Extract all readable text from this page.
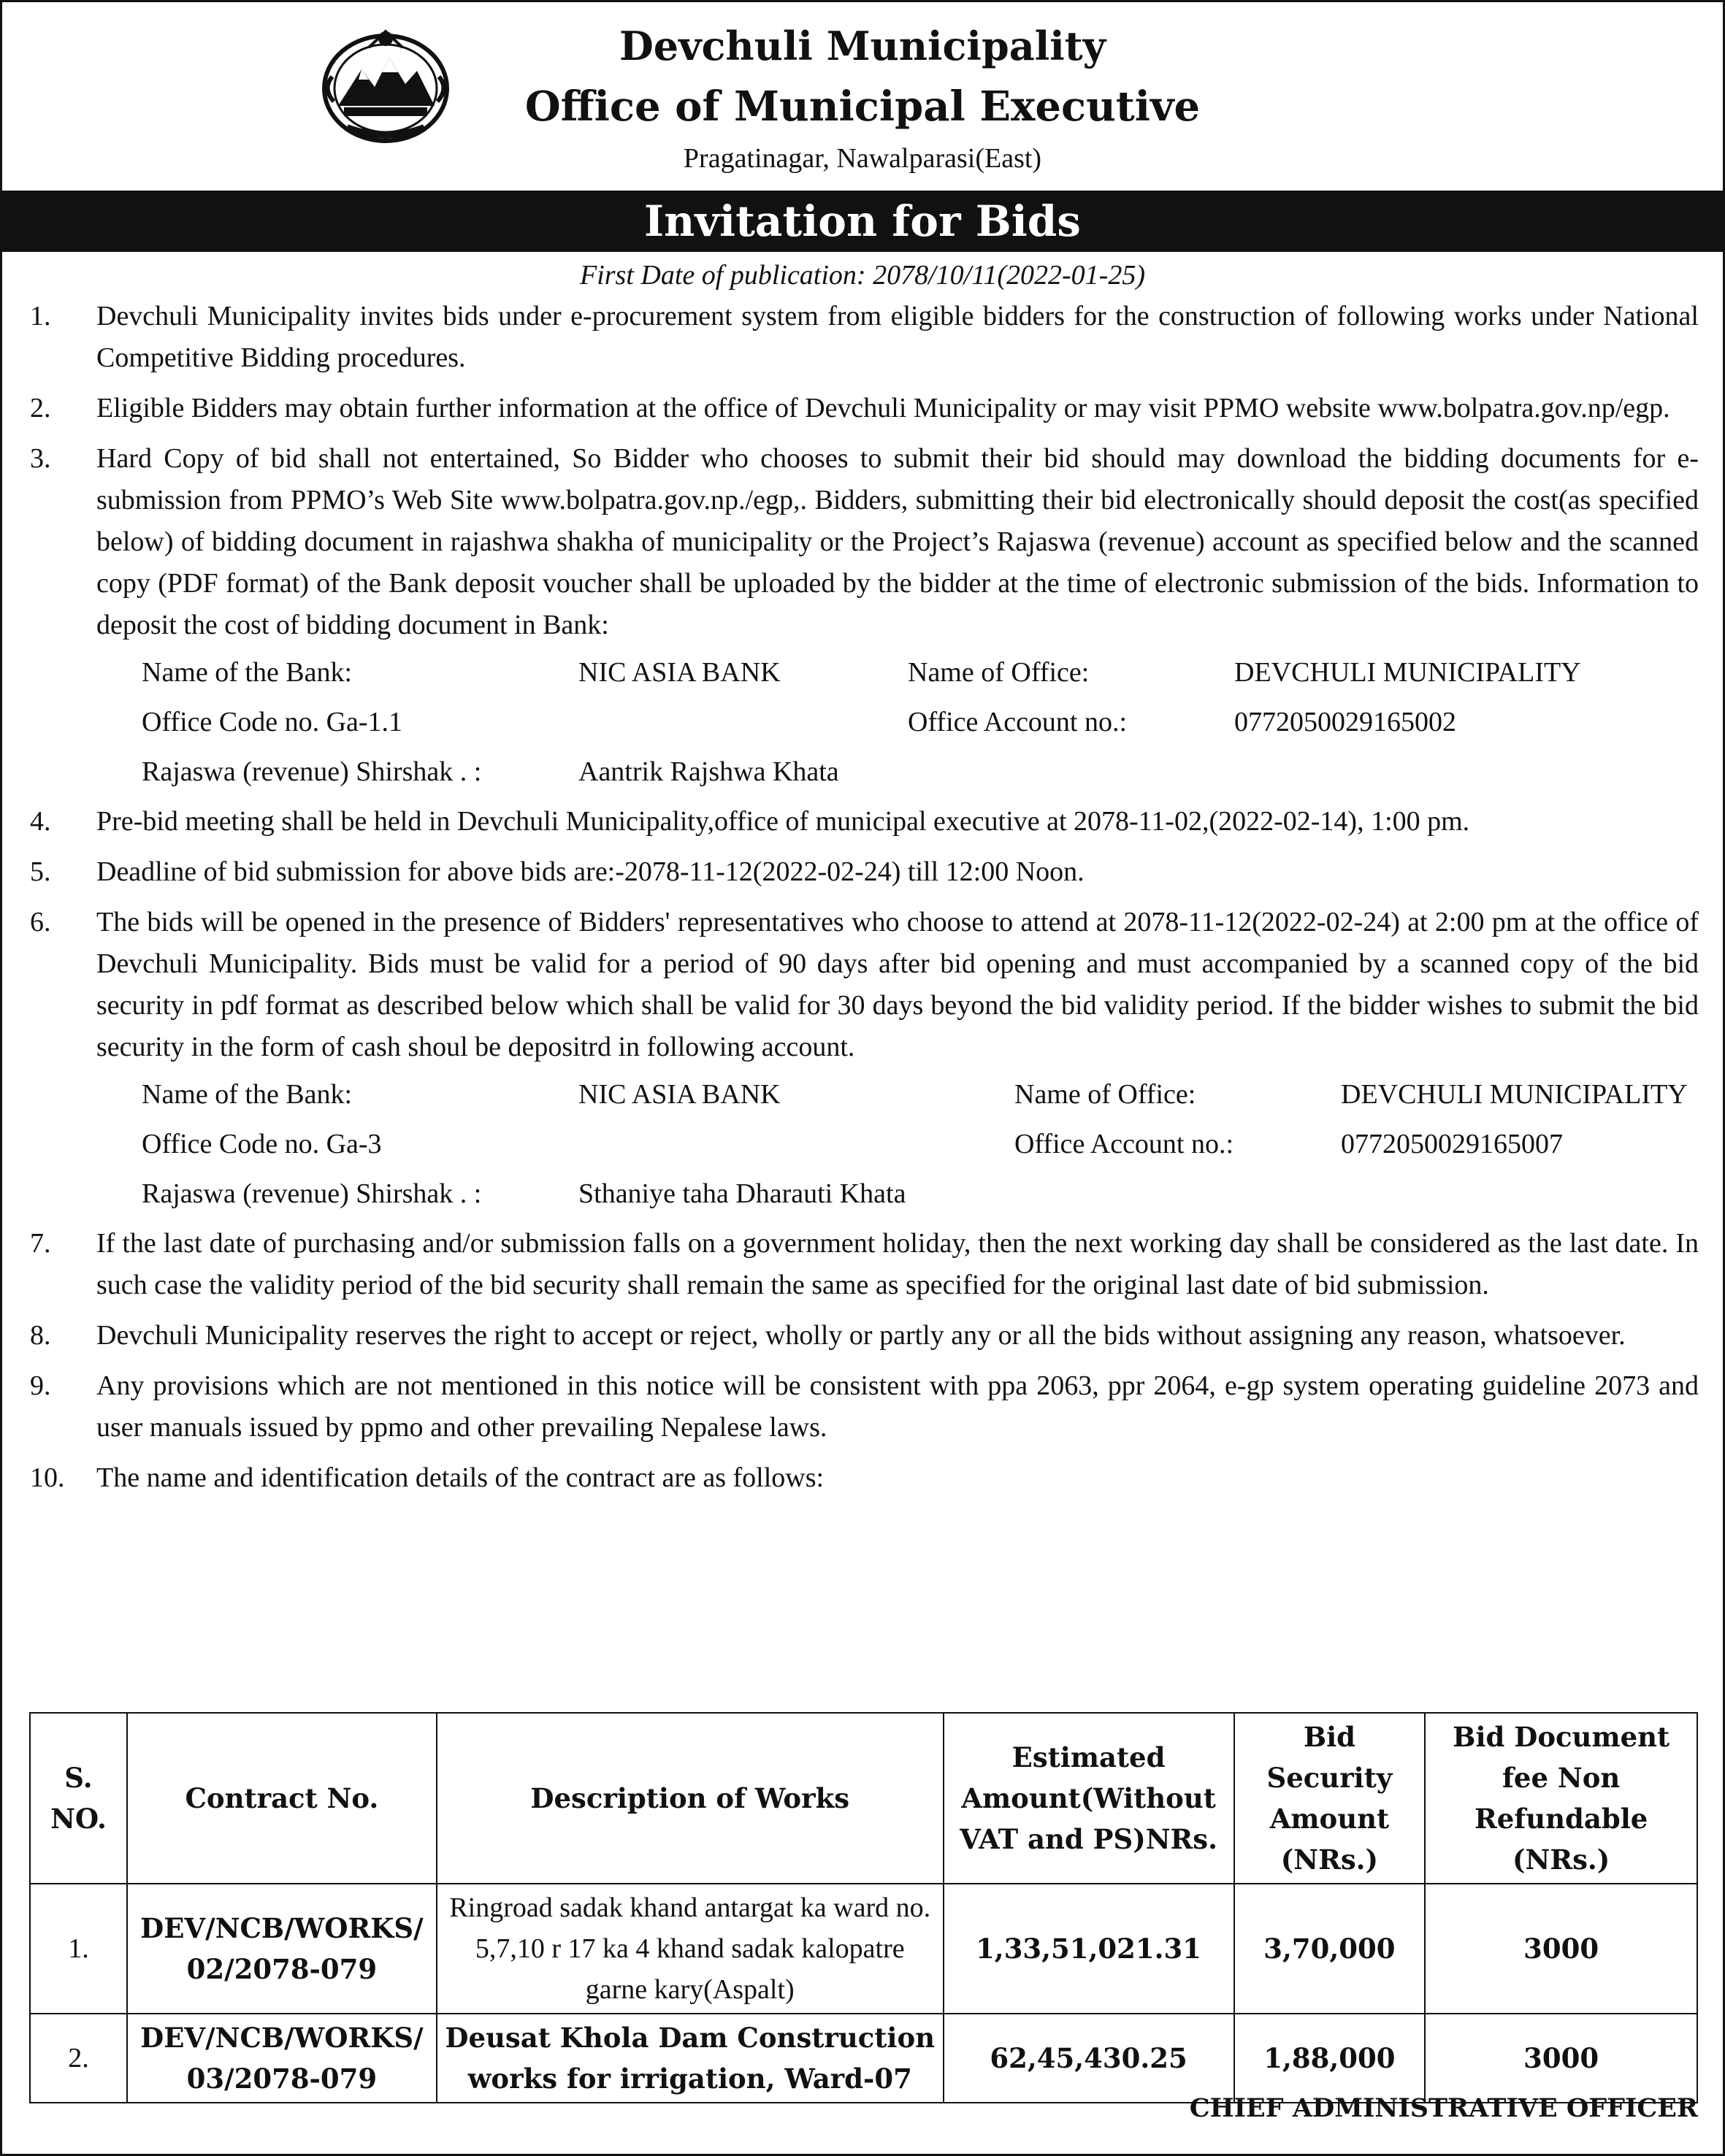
Devchuli Municipality
Office of Municipal Executive
Pragatinagar, Nawalparasi(East)
Invitation for Bids
First Date of publication: 2078/10/11(2022-01-25)
1.	Devchuli Municipality invites bids under e-procurement system from eligible bidders for the construction of following works under National Competitive Bidding procedures.
2.	Eligible Bidders may obtain further information at the office of Devchuli Municipality or may visit PPMO website www.bolpatra.gov.np/egp.
3.	Hard Copy of bid shall not entertained, So Bidder who chooses to submit their bid should may download the bidding documents for e-submission from PPMO’s Web Site www.bolpatra.gov.np./egp,. Bidders, submitting their bid electronically should deposit the cost(as specified below) of bidding document in rajashwa shakha of municipality or the Project’s Rajaswa (revenue) account as specified below and the scanned copy (PDF format) of the Bank deposit voucher shall be uploaded by the bidder at the time of electronic submission of the bids. Information to deposit the cost of bidding document in Bank:
Name of the Bank:	NIC ASIA BANK	Name of Office:	DEVCHULI MUNICIPALITY
Office Code no. Ga-1.1	Office Account no.:	0772050029165002
Rajaswa (revenue) Shirshak . :	Aantrik Rajshwa Khata
4.	Pre-bid meeting shall be held in Devchuli Municipality,office of municipal executive at 2078-11-02,(2022-02-14), 1:00 pm.
5.	Deadline of bid submission for above bids are:-2078-11-12(2022-02-24) till 12:00 Noon.
6.	The bids will be opened in the presence of Bidders' representatives who choose to attend at 2078-11-12(2022-02-24) at 2:00 pm at the office of Devchuli Municipality. Bids must be valid for a period of 90 days after bid opening and must accompanied by a scanned copy of the bid security in pdf format as described below which shall be valid for 30 days beyond the bid validity period. If the bidder wishes to submit the bid security in the form of cash shoul be depositrd in following account.
Name of the Bank:	NIC ASIA BANK	Name of Office:	DEVCHULI MUNICIPALITY
Office Code no. Ga-3	Office Account no.:	0772050029165007
Rajaswa (revenue) Shirshak . :	Sthaniye taha Dharauti Khata
7.	If the last date of purchasing and/or submission falls on a government holiday, then the next working day shall be considered as the last date. In such case the validity period of the bid security shall remain the same as specified for the original last date of bid submission.
8.	Devchuli Municipality reserves the right to accept or reject, wholly or partly any or all the bids without assigning any reason, whatsoever.
9.	Any provisions which are not mentioned in this notice will be consistent with ppa 2063, ppr 2064, e-gp system operating guideline 2073 and user manuals issued by ppmo and other prevailing Nepalese laws.
10.	The name and identification details of the contract are as follows:
S. NO.	Contract No.	Description of Works	Estimated Amount(Without VAT and PS)NRs.	Bid Security Amount (NRs.)	Bid Document fee Non Refundable (NRs.)
1.	DEV/NCB/WORKS/ 02/2078-079	Ringroad sadak khand antargat ka ward no. 5,7,10 r 17 ka 4 khand sadak kalopatre garne kary(Aspalt)	1,33,51,021.31	3,70,000	3000
2.	DEV/NCB/WORKS/ 03/2078-079	Deusat Khola Dam Construction works for irrigation, Ward-07	62,45,430.25	1,88,000	3000
CHIEF ADMINISTRATIVE OFFICER
